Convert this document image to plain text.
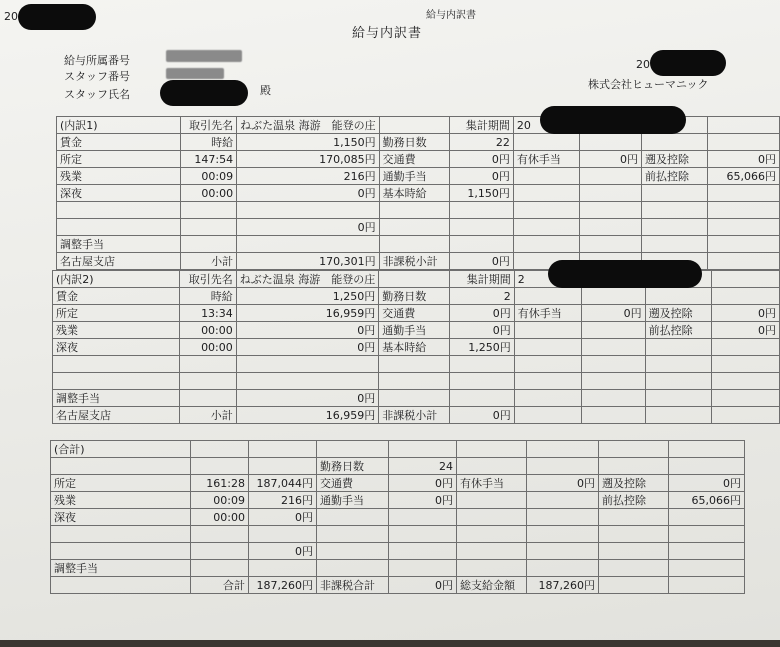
20	給与内訳書
給与内訳書
給与所属番号
スタッフ番号
スタッフ氏名	殿
20
株式会社ヒューマニック
(内訳1)	取引先名	ねぶた温泉 海游　能登の庄		集計期間	20			
賃金	時給	1,150円	勤務日数	22				
所定	147:54	170,085円	交通費	0円	有休手当	0円	遡及控除	0円
残業	00:09	216円	通勤手当	0円			前払控除	65,066円
深夜	00:00	0円	基本時給	1,150円				

		0円						
調整手当								
名古屋支店	小計	170,301円	非課税小計	0円				
(内訳2)	取引先名	ねぶた温泉 海游　能登の庄		集計期間	2			
賃金	時給	1,250円	勤務日数	2				
所定	13:34	16,959円	交通費	0円	有休手当	0円	遡及控除	0円
残業	00:00	0円	通勤手当	0円			前払控除	0円
深夜	00:00	0円	基本時給	1,250円				

調整手当		0円						
名古屋支店	小計	16,959円	非課税小計	0円				
(合計)								
			勤務日数	24				
所定	161:28	187,044円	交通費	0円	有休手当	0円	遡及控除	0円
残業	00:09	216円	通勤手当	0円			前払控除	65,066円
深夜	00:00	0円						

		0円						
調整手当								
	合計	187,260円	非課税合計	0円	総支給金額	187,260円		
